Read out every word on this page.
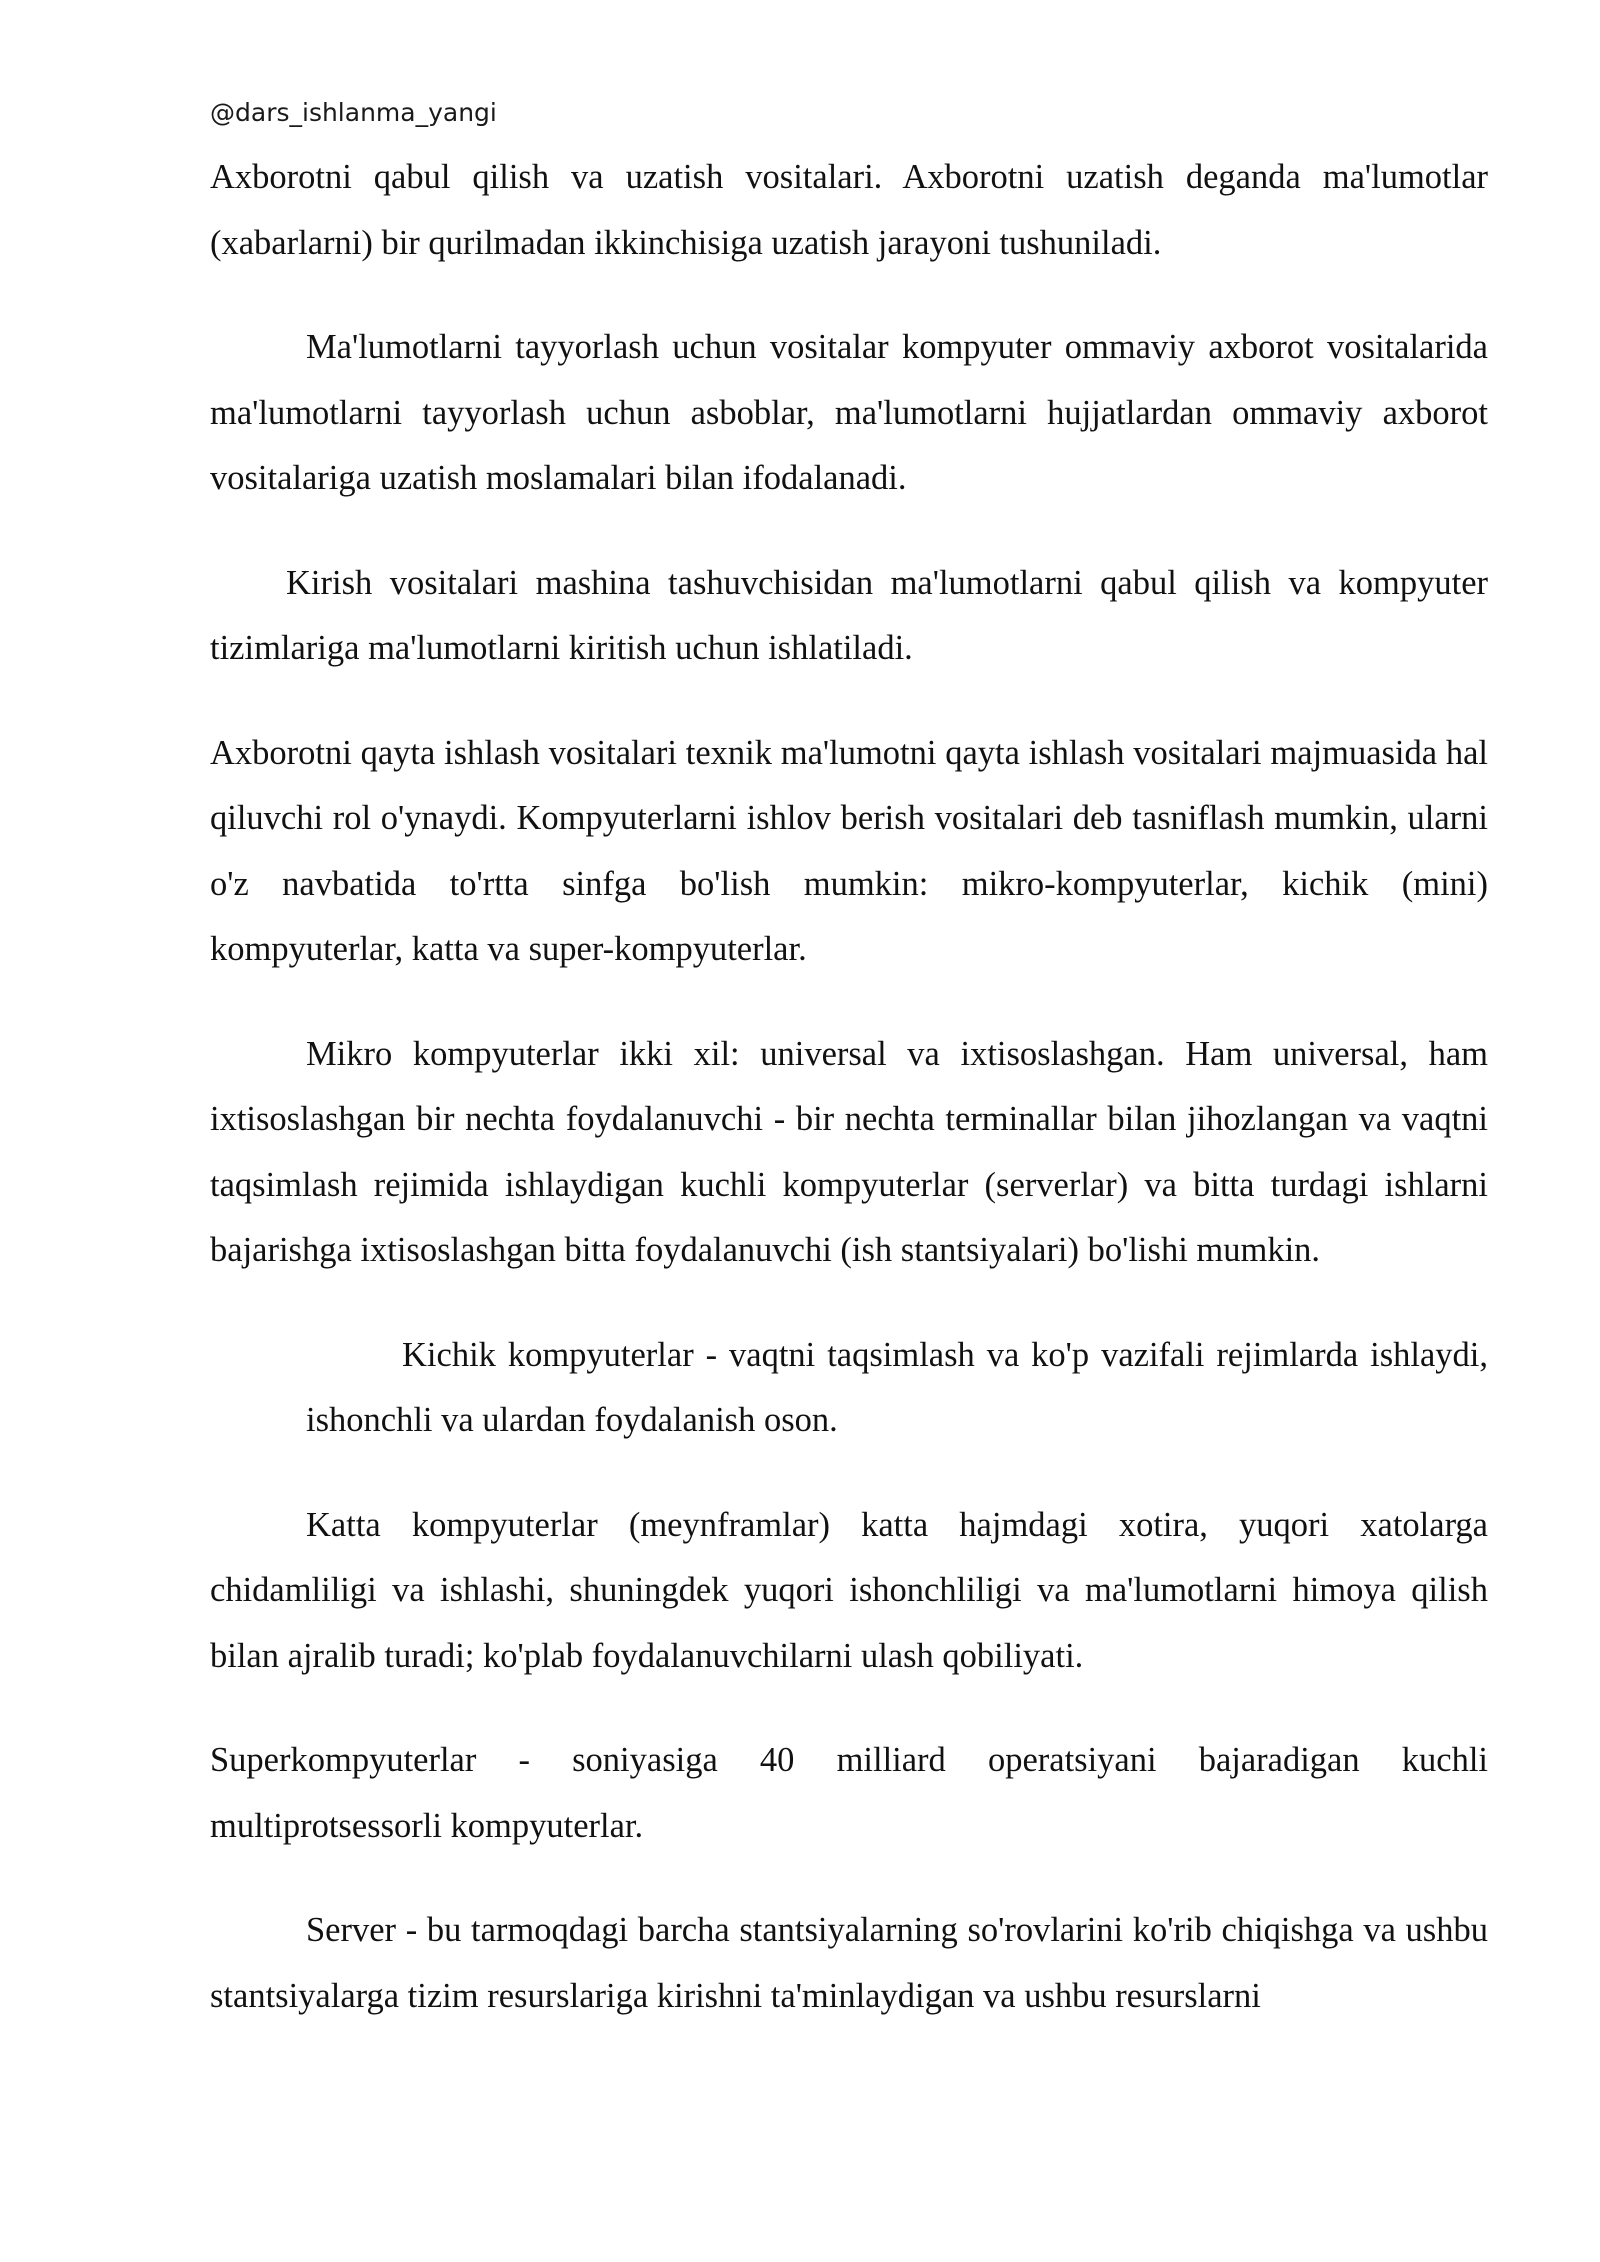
@dars_ishlanma_yangi

Axborotni qabul qilish va uzatish vositalari. Axborotni uzatish deganda ma'lumotlar (xabarlarni) bir qurilmadan ikkinchisiga uzatish jarayoni tushuniladi.

Ma'lumotlarni tayyorlash uchun vositalar kompyuter ommaviy axborot vositalarida ma'lumotlarni tayyorlash uchun asboblar, ma'lumotlarni hujjatlardan ommaviy axborot vositalariga uzatish moslamalari bilan ifodalanadi.

Kirish vositalari mashina tashuvchisidan ma'lumotlarni qabul qilish va kompyuter tizimlariga ma'lumotlarni kiritish uchun ishlatiladi.

Axborotni qayta ishlash vositalari texnik ma'lumotni qayta ishlash vositalari majmuasida hal qiluvchi rol o'ynaydi. Kompyuterlarni ishlov berish vositalari deb tasniflash mumkin, ularni o'z navbatida to'rtta sinfga bo'lish mumkin: mikro-kompyuterlar, kichik (mini) kompyuterlar, katta va super-kompyuterlar.

Mikro kompyuterlar ikki xil: universal va ixtisoslashgan. Ham universal, ham ixtisoslashgan bir nechta foydalanuvchi - bir nechta terminallar bilan jihozlangan va vaqtni taqsimlash rejimida ishlaydigan kuchli kompyuterlar (serverlar) va bitta turdagi ishlarni bajarishga ixtisoslashgan bitta foydalanuvchi (ish stantsiyalari) bo'lishi mumkin.

Kichik kompyuterlar - vaqtni taqsimlash va ko'p vazifali rejimlarda ishlaydi, ishonchli va ulardan foydalanish oson.

Katta kompyuterlar (meynframlar) katta hajmdagi xotira, yuqori xatolarga chidamliligi va ishlashi, shuningdek yuqori ishonchliligi va ma'lumotlarni himoya qilish bilan ajralib turadi; ko'plab foydalanuvchilarni ulash qobiliyati.

Superkompyuterlar - soniyasiga 40 milliard operatsiyani bajaradigan kuchli multiprotsessorli kompyuterlar.

Server - bu tarmoqdagi barcha stantsiyalarning so'rovlarini ko'rib chiqishga va ushbu stantsiyalarga tizim resurslariga kirishni ta'minlaydigan va ushbu resurslarni
